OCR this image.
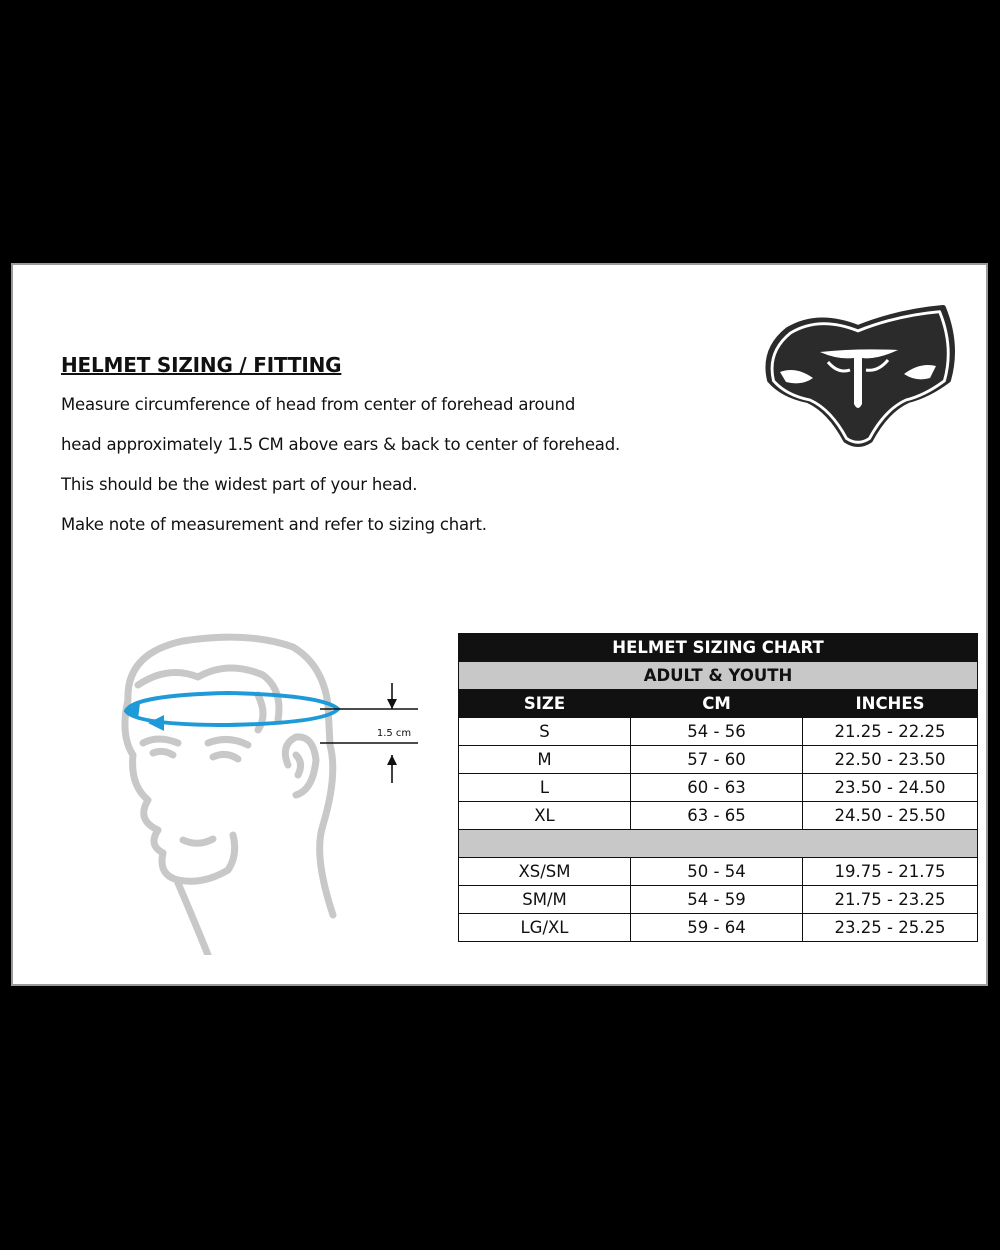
HELMET SIZING / FITTING

Measure circumference of head from center of forehead around

head approximately 1.5 CM above ears & back to center of forehead.

This should be the widest part of your head.

Make note of measurement and refer to sizing chart.

1.5 cm
HELMET SIZING CHART		
ADULT & YOUTH		
SIZE	CM	INCHES
S	54 - 56	21.25 - 22.25
M	57 - 60	22.50 - 23.50
L	60 - 63	23.50 - 24.50
XL	63 - 65	24.50 - 25.50

XS/SM	50 - 54	19.75 - 21.75
SM/M	54 - 59	21.75 - 23.25
LG/XL	59 - 64	23.25 - 25.25
